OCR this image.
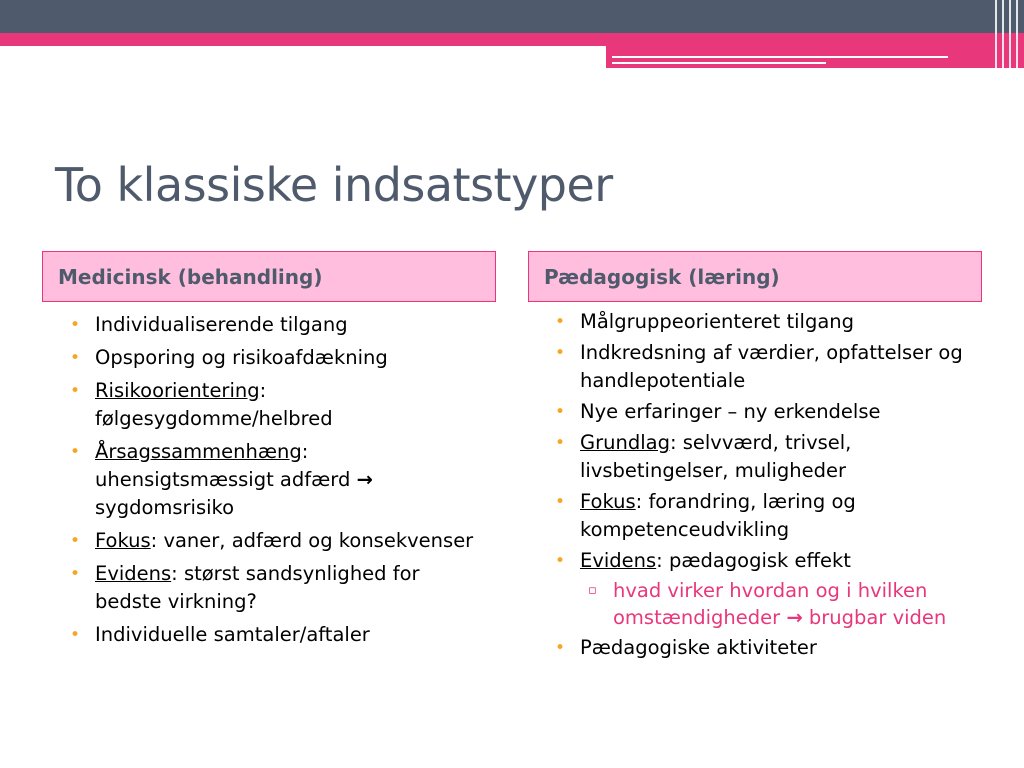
To klassiske indsatstyper
Medicinsk (behandling)	Pædagogisk (læring)
• Individualiserende tilgang
• Opsporing og risikoafdækning
• Risikoorientering: følgesygdomme/helbred
• Årsagssammenhæng: uhensigtsmæssigt adfærd → sygdomsrisiko
• Fokus: vaner, adfærd og konsekvenser
• Evidens: størst sandsynlighed for bedste virkning?
• Individuelle samtaler/aftaler
• Målgruppeorienteret tilgang
• Indkredsning af værdier, opfattelser og handlepotentiale
• Nye erfaringer – ny erkendelse
• Grundlag: selvværd, trivsel, livsbetingelser, muligheder
• Fokus: forandring, læring og kompetenceudvikling
• Evidens: pædagogisk effekt
▫ hvad virker hvordan og i hvilken omstændigheder → brugbar viden
• Pædagogiske aktiviteter
